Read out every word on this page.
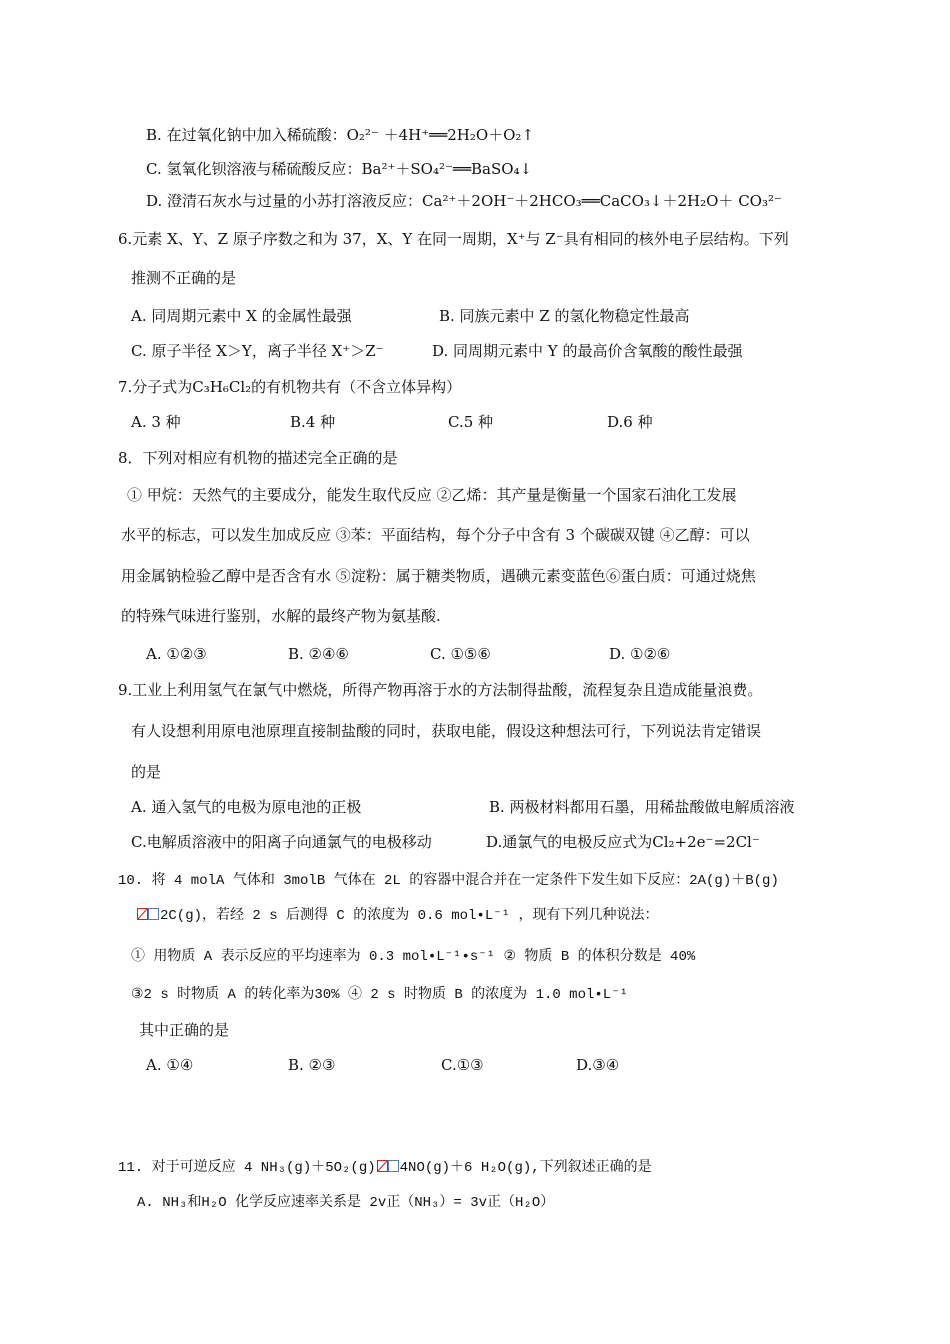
B. 在过氧化钠中加入稀硫酸：O₂²⁻ ＋4H⁺══2H₂O＋O₂↑
C. 氢氧化钡溶液与稀硫酸反应：Ba²⁺＋SO₄²⁻══BaSO₄↓
D. 澄清石灰水与过量的小苏打溶液反应：Ca²⁺＋2OH⁻＋2HCO₃══CaCO₃↓＋2H₂O＋ CO₃²⁻
6.元素 X、Y、Z 原子序数之和为 37，X、Y 在同一周期，X⁺与 Z⁻具有相同的核外电子层结构。下列
推测不正确的是
A. 同周期元素中 X 的金属性最强	B. 同族元素中 Z 的氢化物稳定性最高
C. 原子半径 X＞Y，离子半径 X⁺＞Z⁻	D. 同周期元素中 Y 的最高价含氧酸的酸性最强
7.分子式为C₃H₆Cl₂的有机物共有（不含立体异构）
A. 3 种	B.4 种	C.5 种	D.6 种
8．下列对相应有机物的描述完全正确的是
① 甲烷：天然气的主要成分，能发生取代反应 ②乙烯：其产量是衡量一个国家石油化工发展
水平的标志，可以发生加成反应 ③苯：平面结构，每个分子中含有 3 个碳碳双键 ④乙醇：可以
用金属钠检验乙醇中是否含有水 ⑤淀粉：属于糖类物质，遇碘元素变蓝色⑥蛋白质：可通过烧焦
的特殊气味进行鉴别，水解的最终产物为氨基酸.
A. ①②③	B. ②④⑥	C. ①⑤⑥	D. ①②⑥
9.工业上利用氢气在氯气中燃烧，所得产物再溶于水的方法制得盐酸，流程复杂且造成能量浪费。
有人设想利用原电池原理直接制盐酸的同时，获取电能，假设这种想法可行，下列说法肯定错误
的是
A. 通入氢气的电极为原电池的正极	B. 两极材料都用石墨，用稀盐酸做电解质溶液
C.电解质溶液中的阳离子向通氯气的电极移动	D.通氯气的电极反应式为Cl₂+2e⁻=2Cl⁻
10. 将 4 molA 气体和 3molB 气体在 2L 的容器中混合并在一定条件下发生如下反应：2A(g)＋B(g)
2C(g)，若经 2 s 后测得 C 的浓度为 0.6 mol•L⁻¹ ，现有下列几种说法：
① 用物质 A 表示反应的平均速率为 0.3 mol•L⁻¹•s⁻¹ ② 物质 B 的体积分数是 40%
③2 s 时物质 A 的转化率为30% ④ 2 s 时物质 B 的浓度为 1.0 mol•L⁻¹
其中正确的是
A. ①④	B. ②③	C.①③	D.③④
11. 对于可逆反应 4 NH₃(g)＋5O₂(g) 4NO(g)＋6 H₂O(g),下列叙述正确的是
A. NH₃和H₂O 化学反应速率关系是 2v正（NH₃）= 3v正（H₂O）
